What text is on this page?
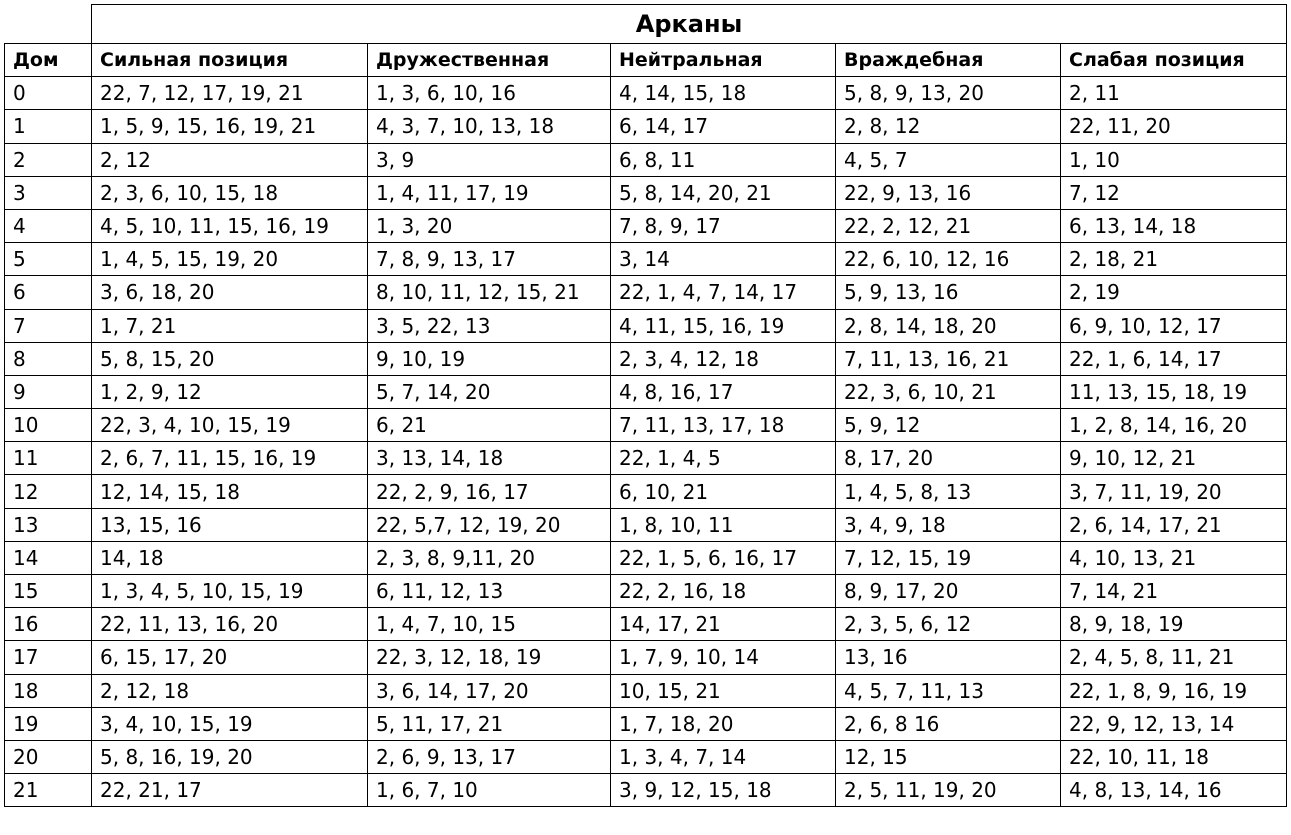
	Арканы				
Дом	Сильная позиция	Дружественная	Нейтральная	Враждебная	Слабая позиция
0	22, 7, 12, 17, 19, 21	1, 3, 6, 10, 16	4, 14, 15, 18	5, 8, 9, 13, 20	2, 11
1	1, 5, 9, 15, 16, 19, 21	4, 3, 7, 10, 13, 18	6, 14, 17	2, 8, 12	22, 11, 20
2	2, 12	3, 9	6, 8, 11	4, 5, 7	1, 10
3	2, 3, 6, 10, 15, 18	1, 4, 11, 17, 19	5, 8, 14, 20, 21	22, 9, 13, 16	7, 12
4	4, 5, 10, 11, 15, 16, 19	1, 3, 20	7, 8, 9, 17	22, 2, 12, 21	6, 13, 14, 18
5	1, 4, 5, 15, 19, 20	7, 8, 9, 13, 17	3, 14	22, 6, 10, 12, 16	2, 18, 21
6	3, 6, 18, 20	8, 10, 11, 12, 15, 21	22, 1, 4, 7, 14, 17	5, 9, 13, 16	2, 19
7	1, 7, 21	3, 5, 22, 13	4, 11, 15, 16, 19	2, 8, 14, 18, 20	6, 9, 10, 12, 17
8	5, 8, 15, 20	9, 10, 19	2, 3, 4, 12, 18	7, 11, 13, 16, 21	22, 1, 6, 14, 17
9	1, 2, 9, 12	5, 7, 14, 20	4, 8, 16, 17	22, 3, 6, 10, 21	11, 13, 15, 18, 19
10	22, 3, 4, 10, 15, 19	6, 21	7, 11, 13, 17, 18	5, 9, 12	1, 2, 8, 14, 16, 20
11	2, 6, 7, 11, 15, 16, 19	3, 13, 14, 18	22, 1, 4, 5	8, 17, 20	9, 10, 12, 21
12	12, 14, 15, 18	22, 2, 9, 16, 17	6, 10, 21	1, 4, 5, 8, 13	3, 7, 11, 19, 20
13	13, 15, 16	22, 5,7, 12, 19, 20	1, 8, 10, 11	3, 4, 9, 18	2, 6, 14, 17, 21
14	14, 18	2, 3, 8, 9,11, 20	22, 1, 5, 6, 16, 17	7, 12, 15, 19	4, 10, 13, 21
15	1, 3, 4, 5, 10, 15, 19	6, 11, 12, 13	22, 2, 16, 18	8, 9, 17, 20	7, 14, 21
16	22, 11, 13, 16, 20	1, 4, 7, 10, 15	14, 17, 21	2, 3, 5, 6, 12	8, 9, 18, 19
17	6, 15, 17, 20	22, 3, 12, 18, 19	1, 7, 9, 10, 14	13, 16	2, 4, 5, 8, 11, 21
18	2, 12, 18	3, 6, 14, 17, 20	10, 15, 21	4, 5, 7, 11, 13	22, 1, 8, 9, 16, 19
19	3, 4, 10, 15, 19	5, 11, 17, 21	1, 7, 18, 20	2, 6, 8 16	22, 9, 12, 13, 14
20	5, 8, 16, 19, 20	2, 6, 9, 13, 17	1, 3, 4, 7, 14	12, 15	22, 10, 11, 18
21	22, 21, 17	1, 6, 7, 10	3, 9, 12, 15, 18	2, 5, 11, 19, 20	4, 8, 13, 14, 16
